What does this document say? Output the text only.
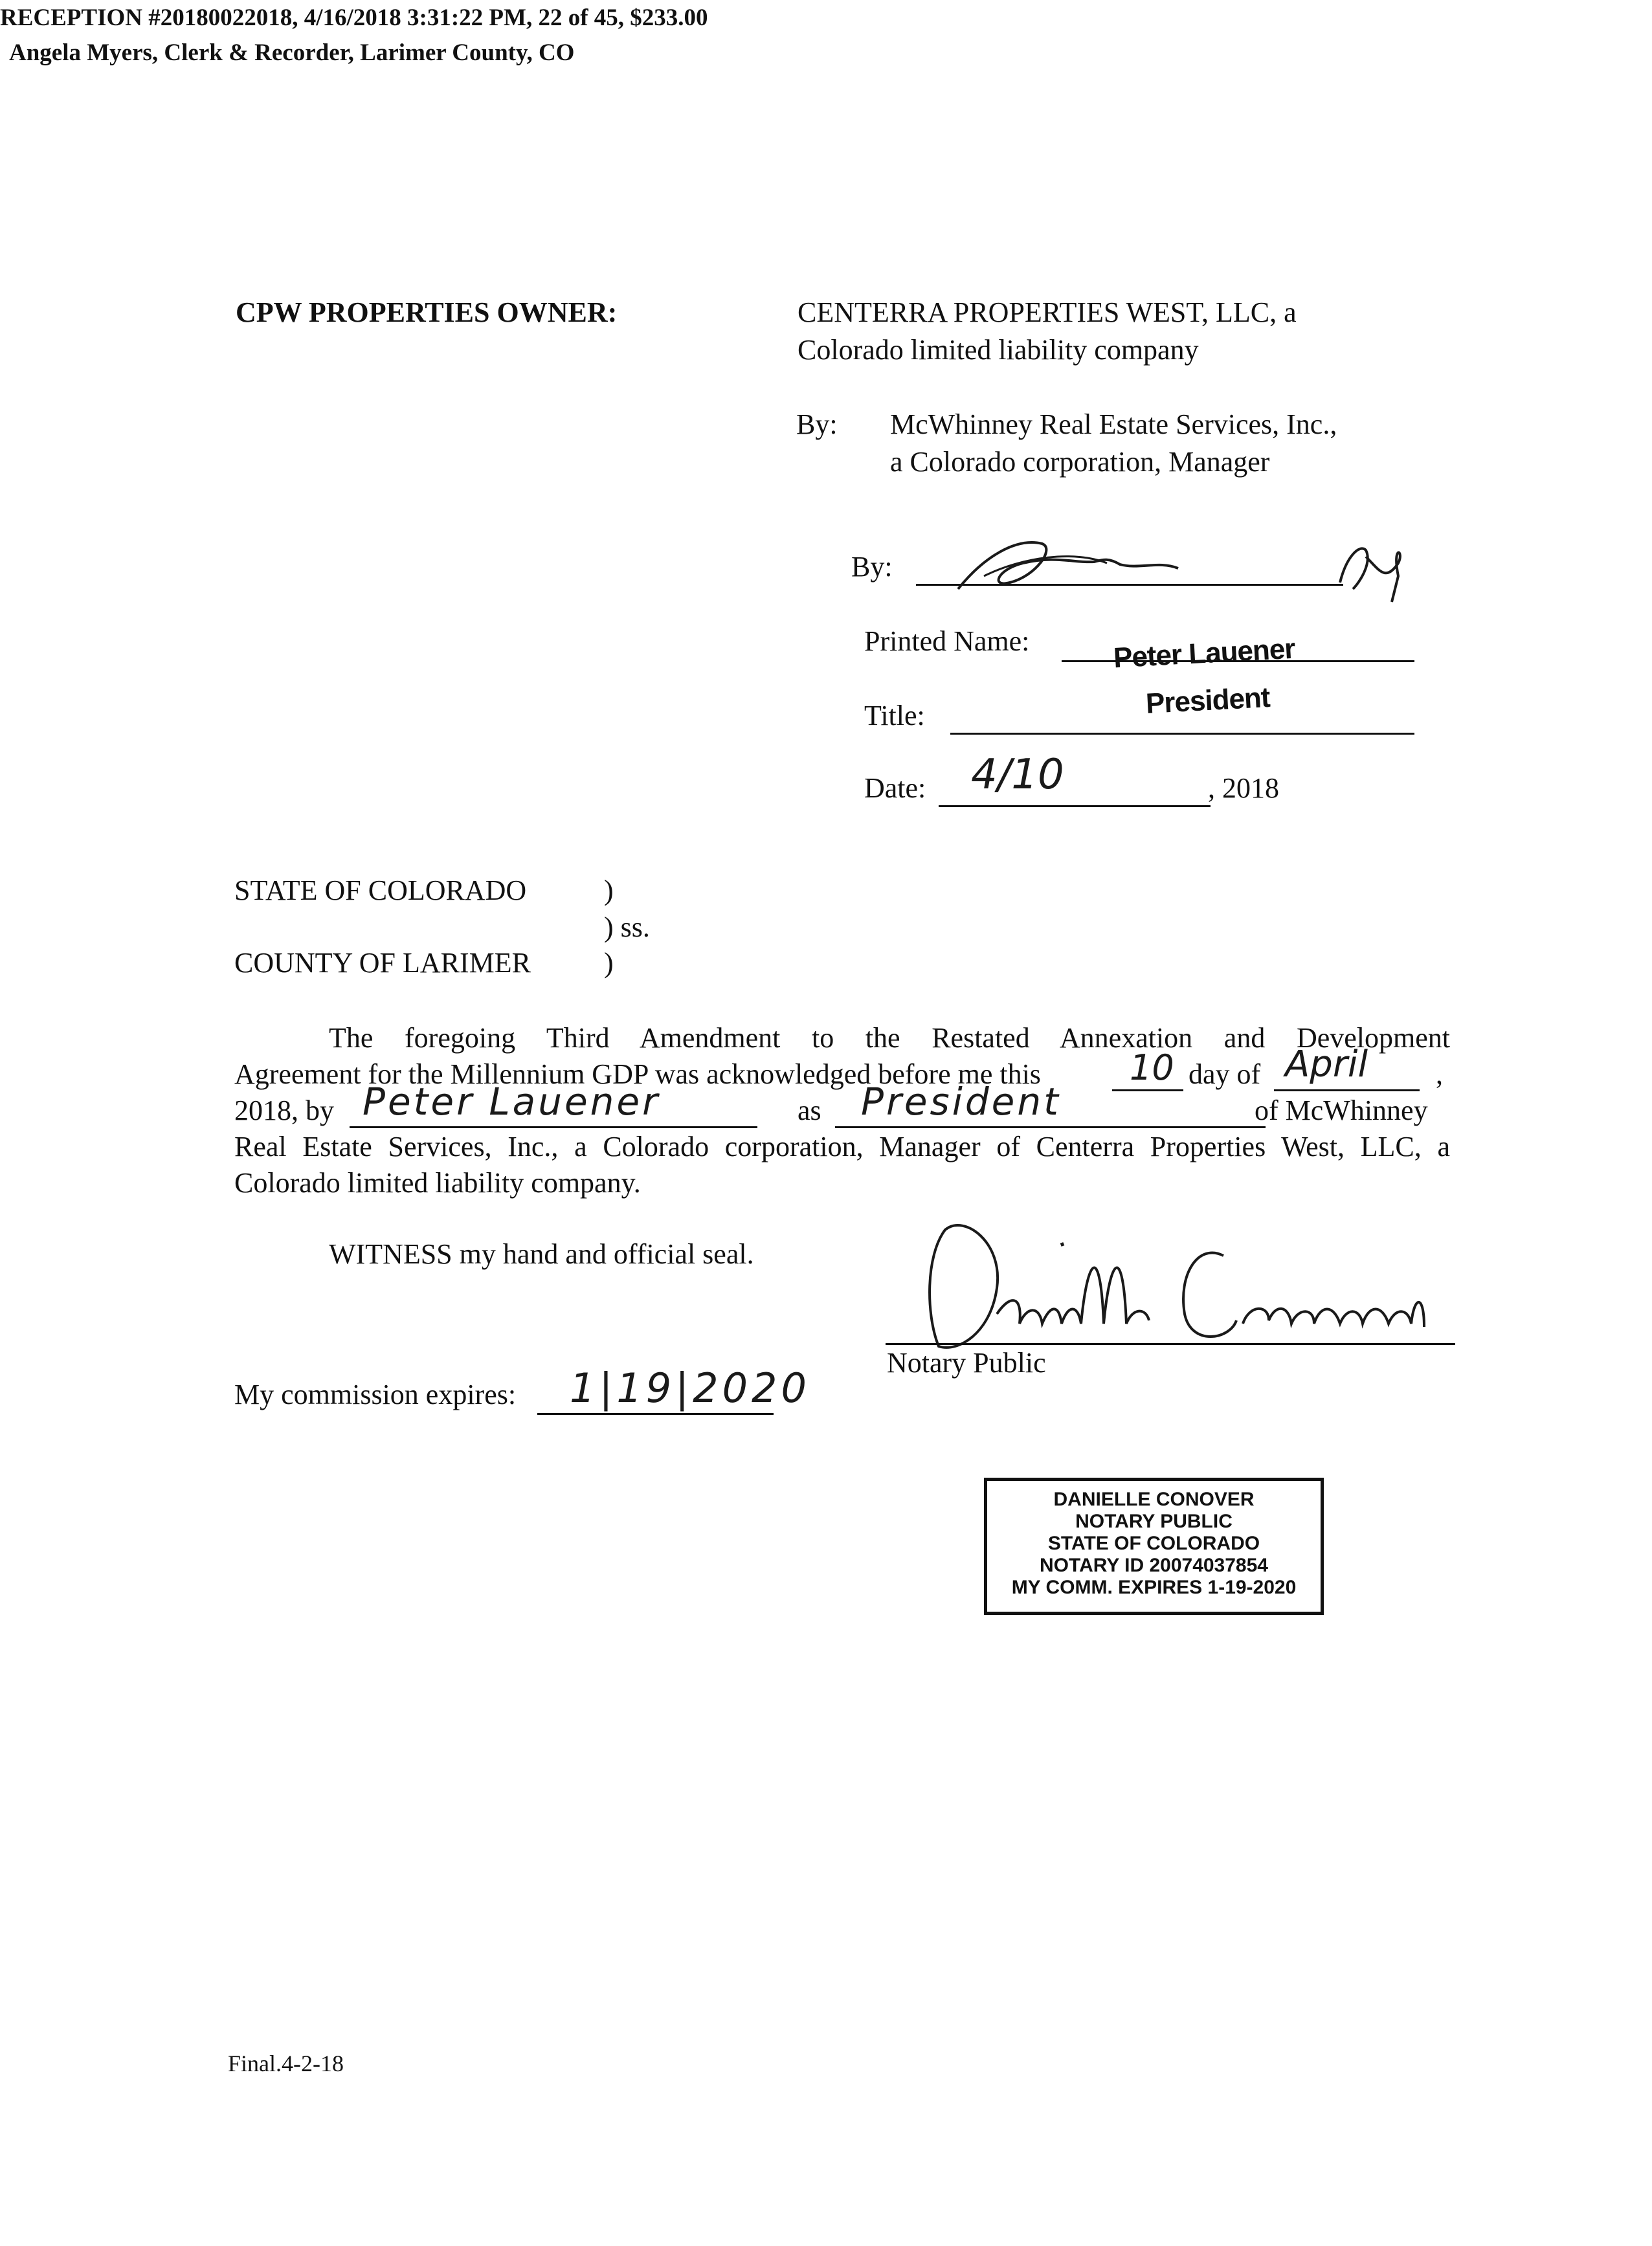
RECEPTION #20180022018, 4/16/2018 3:31:22 PM, 22 of 45, $233.00
Angela Myers, Clerk & Recorder, Larimer County, CO
CPW PROPERTIES OWNER:	CENTERRA PROPERTIES WEST, LLC, a
Colorado limited liability company
By: McWhinney Real Estate Services, Inc.,
a Colorado corporation, Manager
By:
Printed Name:	Peter Lauener
Title:	President
Date: 4/10	, 2018
STATE OF COLORADO	)
) ss.
COUNTY OF LARIMER	)
The foregoing Third Amendment to the Restated Annexation and Development
Agreement for the Millennium GDP was acknowledged before me this	10 day of April ,
2018, by Peter Lauener	as President	of McWhinney
Real Estate Services, Inc., a Colorado corporation, Manager of Centerra Properties West, LLC, a
Colorado limited liability company.
WITNESS my hand and official seal.
Notary Public
My commission expires: 1|19|2020
DANIELLE CONOVER
NOTARY PUBLIC
STATE OF COLORADO
NOTARY ID 20074037854
MY COMM. EXPIRES 1-19-2020
Final.4-2-18
